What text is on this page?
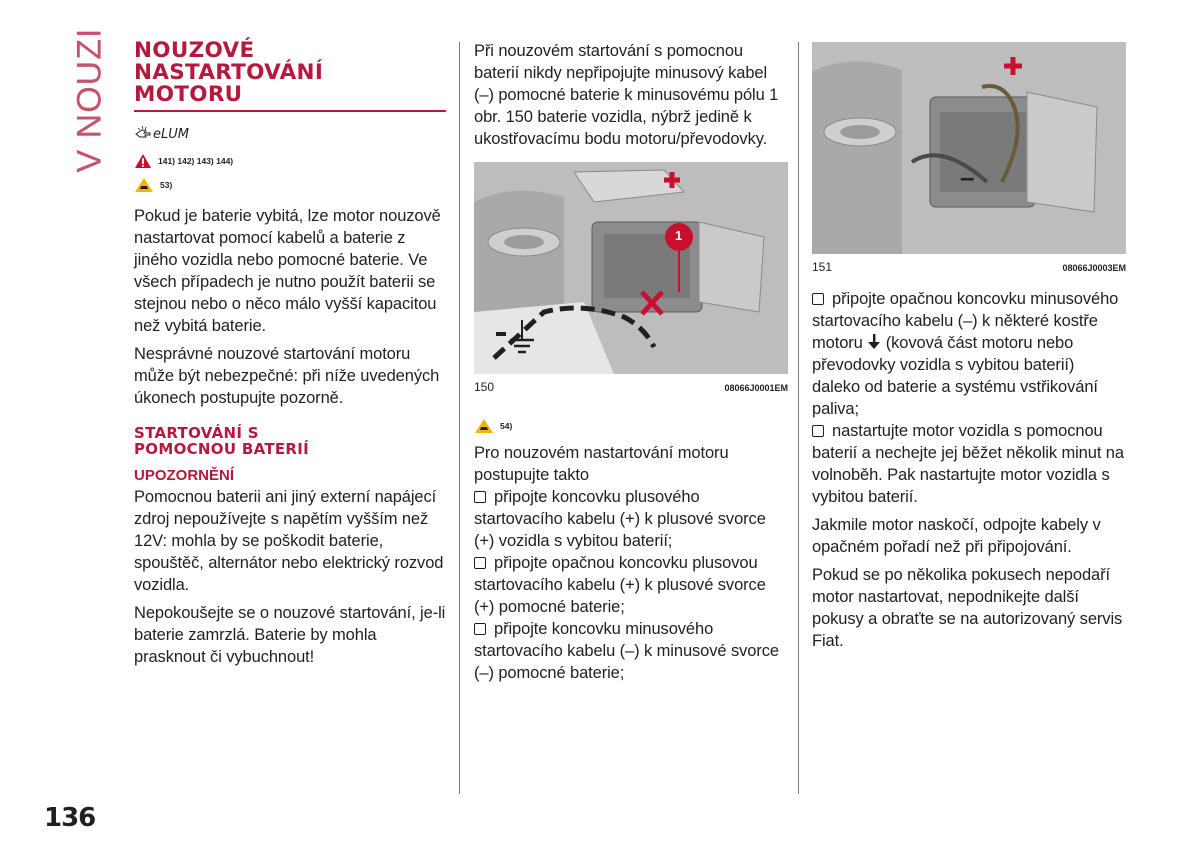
V NOUZI NOUZOVÉ
NASTARTOVÁNÍ
MOTORU
eLUM
141) 142) 143) 144)
53)

Pokud je baterie vybitá, lze motor nouzově nastartovat pomocí kabelů a baterie z jiného vozidla nebo pomocné baterie. Ve všech případech je nutno použít baterii se stejnou nebo o něco málo vyšší kapacitou než vybitá baterie.

Nesprávné nouzové startování motoru může být nebezpečné: při níže uvedených úkonech postupujte pozorně.

STARTOVÁNÍ S
POMOCNOU BATERIÍ
UPOZORNĚNÍ

Pomocnou baterii ani jiný externí napájecí zdroj nepoužívejte s napětím vyšším než 12V: mohla by se poškodit baterie, spouštěč, alternátor nebo elektrický rozvod vozidla.

Nepokoušejte se o nouzové startování, je-li baterie zamrzlá. Baterie by mohla prasknout či vybuchnout!

Při nouzovém startování s pomocnou baterií nikdy nepřipojujte minusový kabel (–) pomocné baterie k minusovému pólu 1 obr. 150 baterie vozidla, nýbrž jedině k ukostřovacímu bodu motoru/převodovky.

1
150	08066J0001EM
54)

Pro nouzovém nastartování motoru postupujte takto

připojte koncovku plusového startovacího kabelu (+) k plusové svorce (+) vozidla s vybitou baterií;

připojte opačnou koncovku plusovou startovacího kabelu (+) k plusové svorce (+) pomocné baterie;

připojte koncovku minusového startovacího kabelu (–) k minusové svorce (–) pomocné baterie;

–
151	08066J0003EM

připojte opačnou koncovku minusového startovacího kabelu (–) k některé kostře motoru (kovová část motoru nebo převodovky vozidla s vybitou baterií) daleko od baterie a systému vstřikování paliva;

nastartujte motor vozidla s pomocnou baterií a nechejte jej běžet několik minut na volnoběh. Pak nastartujte motor vozidla s vybitou baterií.

Jakmile motor naskočí, odpojte kabely v opačném pořadí než při připojování.

Pokud se po několika pokusech nepodaří motor nastartovat, nepodnikejte další pokusy a obraťte se na autorizovaný servis Fiat.

136
